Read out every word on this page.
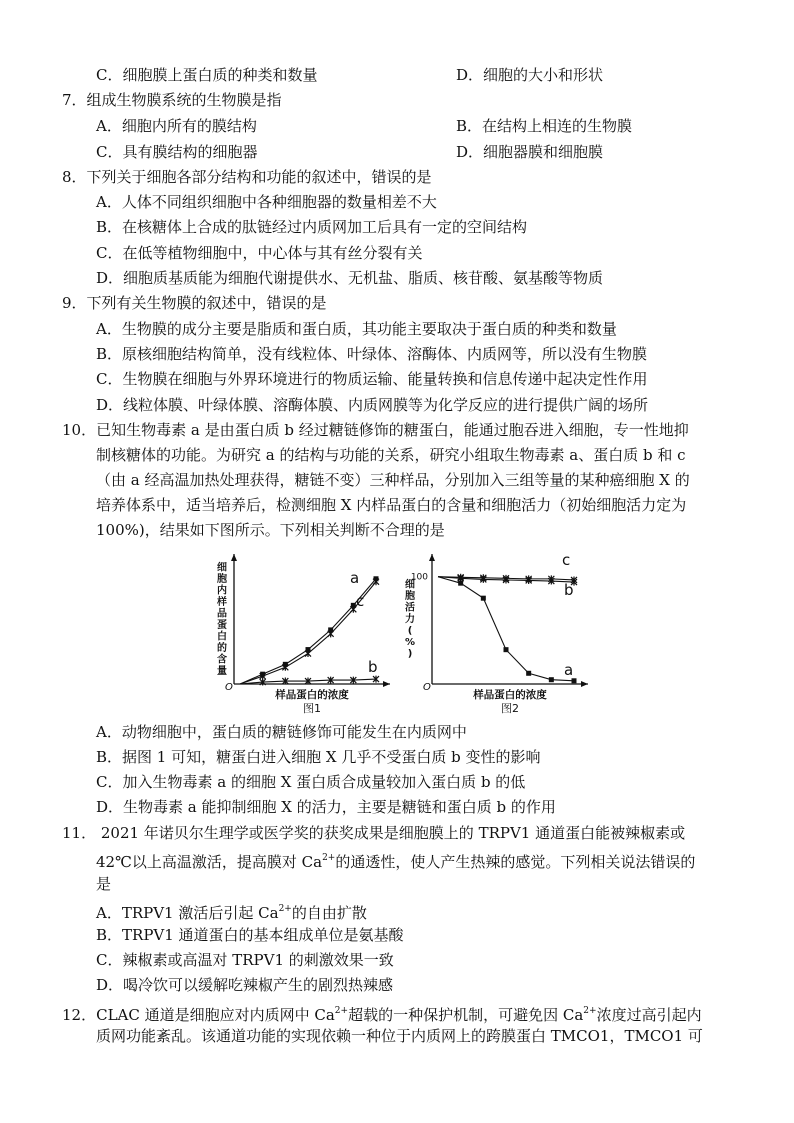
C．细胞膜上蛋白质的种类和数量	D．细胞的大小和形状
7．组成生物膜系统的生物膜是指
A．细胞内所有的膜结构	B．在结构上相连的生物膜
C．具有膜结构的细胞器	D．细胞器膜和细胞膜
8．下列关于细胞各部分结构和功能的叙述中，错误的是
A．人体不同组织细胞中各种细胞器的数量相差不大
B．在核糖体上合成的肽链经过内质网加工后具有一定的空间结构
C．在低等植物细胞中，中心体与其有丝分裂有关
D．细胞质基质能为细胞代谢提供水、无机盐、脂质、核苷酸、氨基酸等物质
9．下列有关生物膜的叙述中，错误的是
A．生物膜的成分主要是脂质和蛋白质，其功能主要取决于蛋白质的种类和数量
B．原核细胞结构简单，没有线粒体、叶绿体、溶酶体、内质网等，所以没有生物膜
C．生物膜在细胞与外界环境进行的物质运输、能量转换和信息传递中起决定性作用
D．线粒体膜、叶绿体膜、溶酶体膜、内质网膜等为化学反应的进行提供广阔的场所
10．已知生物毒素 a 是由蛋白质 b 经过糖链修饰的糖蛋白，能通过胞吞进入细胞，专一性地抑
制核糖体的功能。为研究 a 的结构与功能的关系，研究小组取生物毒素 a、蛋白质 b 和 c
（由 a 经高温加热处理获得，糖链不变）三种样品，分别加入三组等量的某种癌细胞 X 的
培养体系中，适当培养后，检测细胞 X 内样品蛋白的含量和细胞活力（初始细胞活力定为
100%)，结果如下图所示。下列相关判断不合理的是
O
样品蛋白的浓度
图1
细
胞
内
样
品
蛋
白
的
含
量
a
c
b
O
样品蛋白的浓度
图2
细
胞
活
力
(
%
)
100
a
c
b
A．动物细胞中，蛋白质的糖链修饰可能发生在内质网中
B．据图 1 可知，糖蛋白进入细胞 X 几乎不受蛋白质 b 变性的影响
C．加入生物毒素 a 的细胞 X 蛋白质合成量较加入蛋白质 b 的低
D．生物毒素 a 能抑制细胞 X 的活力，主要是糖链和蛋白质 b 的作用
11． 2021 年诺贝尔生理学或医学奖的获奖成果是细胞膜上的 TRPV1 通道蛋白能被辣椒素或
42℃以上高温激活，提高膜对 $Ca^{2+}$的通透性，使人产生热辣的感觉。下列相关说法错误的
是
A．TRPV1 激活后引起 $Ca^{2+}$的自由扩散
B．TRPV1 通道蛋白的基本组成单位是氨基酸
C．辣椒素或高温对 TRPV1 的刺激效果一致
D．喝冷饮可以缓解吃辣椒产生的剧烈热辣感
12．CLAC 通道是细胞应对内质网中 $Ca^{2+}$超载的一种保护机制，可避免因 $Ca^{2+}$浓度过高引起内
质网功能紊乱。该通道功能的实现依赖一种位于内质网上的跨膜蛋白 TMCO1，TMCO1 可
